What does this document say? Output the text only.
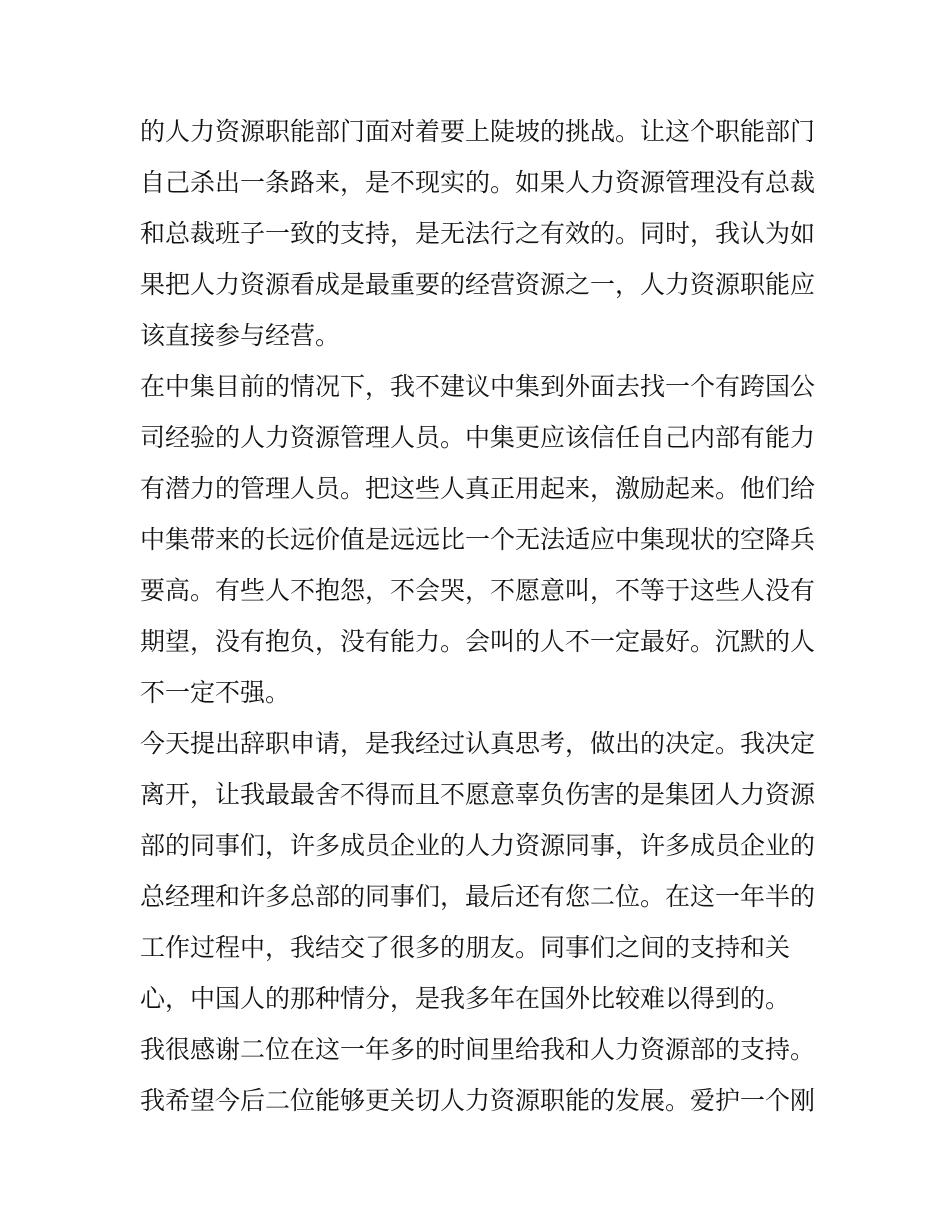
的人力资源职能部门面对着要上陡坡的挑战。让这个职能部门
自己杀出一条路来，是不现实的。如果人力资源管理没有总裁
和总裁班子一致的支持，是无法行之有效的。同时，我认为如
果把人力资源看成是最重要的经营资源之一，人力资源职能应
该直接参与经营。
在中集目前的情况下，我不建议中集到外面去找一个有跨国公
司经验的人力资源管理人员。中集更应该信任自己内部有能力
有潜力的管理人员。把这些人真正用起来，激励起来。他们给
中集带来的长远价值是远远比一个无法适应中集现状的空降兵
要高。有些人不抱怨，不会哭，不愿意叫，不等于这些人没有
期望，没有抱负，没有能力。会叫的人不一定最好。沉默的人
不一定不强。
今天提出辞职申请，是我经过认真思考，做出的决定。我决定
离开，让我最最舍不得而且不愿意辜负伤害的是集团人力资源
部的同事们，许多成员企业的人力资源同事，许多成员企业的
总经理和许多总部的同事们，最后还有您二位。在这一年半的
工作过程中，我结交了很多的朋友。同事们之间的支持和关
心，中国人的那种情分，是我多年在国外比较难以得到的。
我很感谢二位在这一年多的时间里给我和人力资源部的支持。
我希望今后二位能够更关切人力资源职能的发展。爱护一个刚
